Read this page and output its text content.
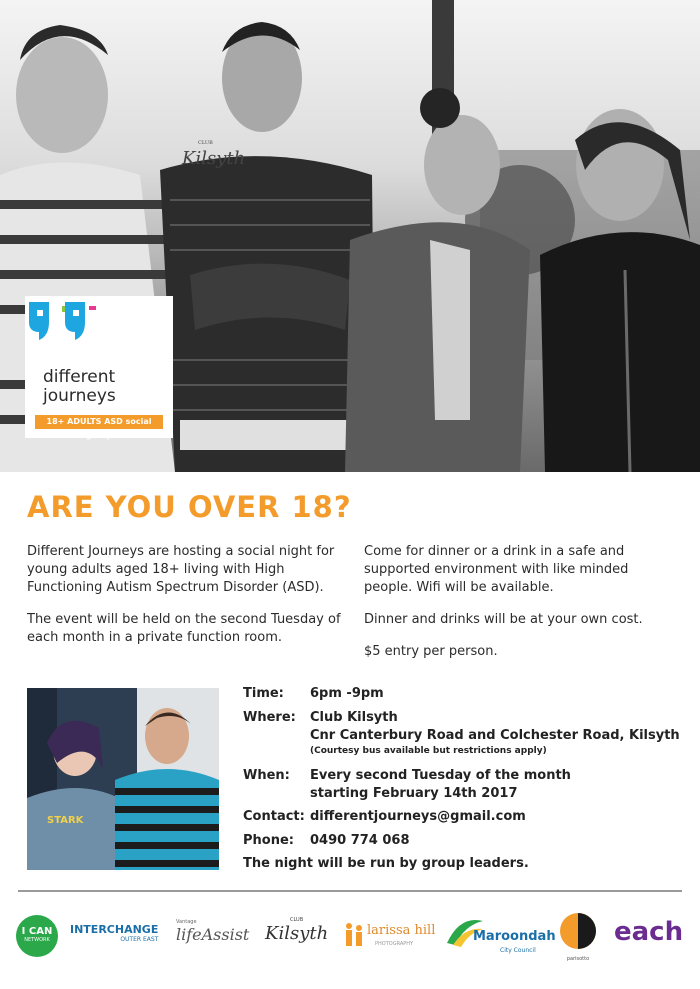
CLUB
Kilsyth
different
journeys
18+ ADULTS ASD social group
ARE YOU OVER 18?

Different Journeys are hosting a social night for young adults aged 18+ living with High Functioning Autism Spectrum Disorder (ASD).

The event will be held on the second Tuesday of each month in a private function room.

Come for dinner or a drink in a safe and supported environment with like minded people. Wifi will be available.

Dinner and drinks will be at your own cost.

$5 entry per person.

STARK
Time: 6pm -9pm
Where: Club Kilsyth
Cnr Canterbury Road and Colchester Road, Kilsyth
(Courtesy bus available but restrictions apply)
When: Every second Tuesday of the month
starting February 14th 2017
Contact: differentjourneys@gmail.com
Phone: 0490 774 068
The night will be run by group leaders.
I CAN
NETWORK
INTERCHANGE
OUTER EAST
Vantage
lifeAssist
CLUB
Kilsyth	larissa hill
PHOTOGRAPHY	Maroondah
City Council
parisotto
each
